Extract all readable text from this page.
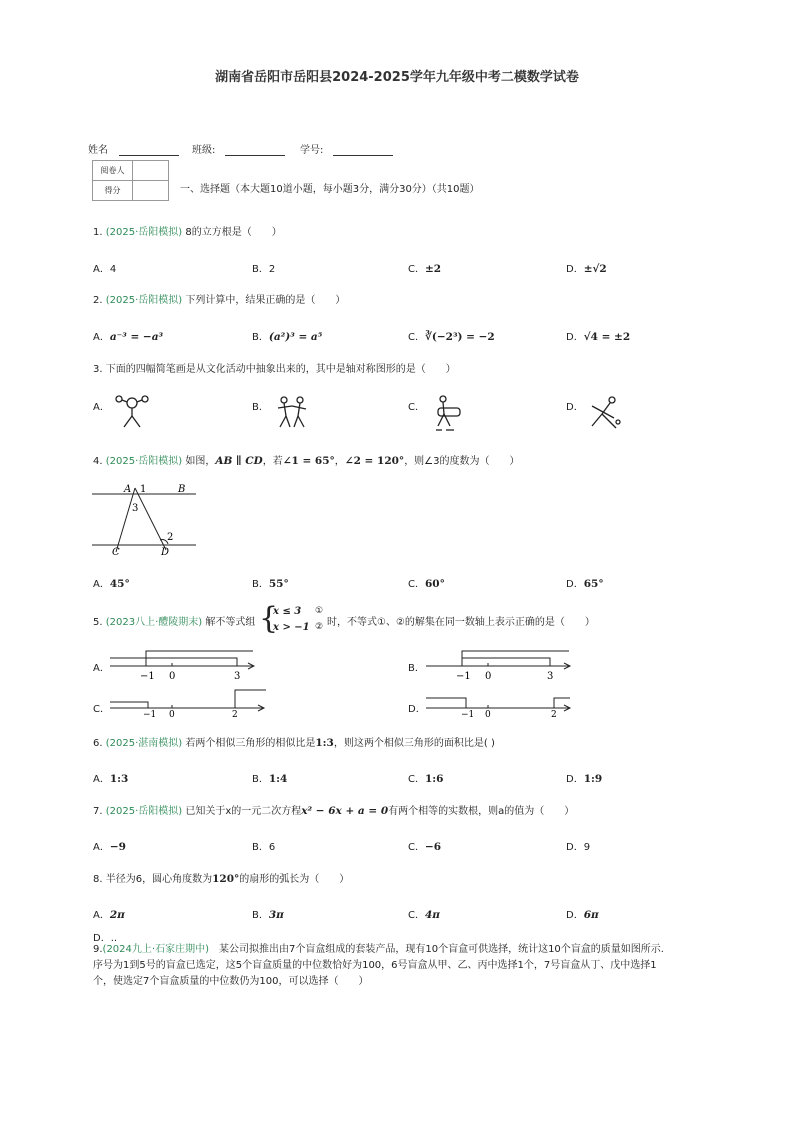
湖南省岳阳市岳阳县2024-2025学年九年级中考二模数学试卷
姓名	班级:	学号:
阅卷人	
得分		一、选择题（本大题10道小题，每小题3分，满分30分）（共10题）
1. (2025·岳阳模拟) 8的立方根是（　　）
A．4	B．2	C．±2	D．±√2
2. (2025·岳阳模拟) 下列计算中，结果正确的是（　　）
A．a⁻³ = −a³	B．(a²)³ = a⁵	C．∛(−2³) = −2	D．√4 = ±2
3. 下面的四幅简笔画是从文化活动中抽象出来的，其中是轴对称图形的是（　　）
A．	B．	C．	D．
4. (2025·岳阳模拟) 如图，AB ∥ CD，若∠1 = 65°，∠2 = 120°，则∠3的度数为（　　）
A 1	B
3
2
C	D
A．45°	B．55°	C．60°	D．65°
5. (2023八上·醴陵期末) 解不等式组 {
x ≤ 3 ①
x > −1 ② 时，不等式①、②的解集在同一数轴上表示正确的是（　　）
A．
−1 0	3
B．
−1 0	3
C．	−1 0	2	D．	−1 0	2
6. (2025·湛南模拟) 若两个相似三角形的相似比是1:3，则这两个相似三角形的面积比是( )
A．1:3	B．1:4	C．1:6	D．1:9
7. (2025·岳阳模拟) 已知关于x的一元二次方程x² − 6x + a = 0有两个相等的实数根，则a的值为（　　）
A．−9	B．6	C．−6	D．9
8. 半径为6，圆心角度数为120°的扇形的弧长为（　　）
A．2π	B．3π	C．4π	D．6π
D．..
9.(2024九上·石家庄期中)　 某公司拟推出由7个盲盒组成的套装产品，现有10个盲盒可供选择，统计这10个盲盒的质量如图所示.
序号为1到5号的盲盒已选定，这5个盲盒质量的中位数恰好为100，6号盲盒从甲、乙、丙中选择1个，7号盲盒从丁、戊中选择1
个，使选定7个盲盒质量的中位数仍为100，可以选择（　　）
